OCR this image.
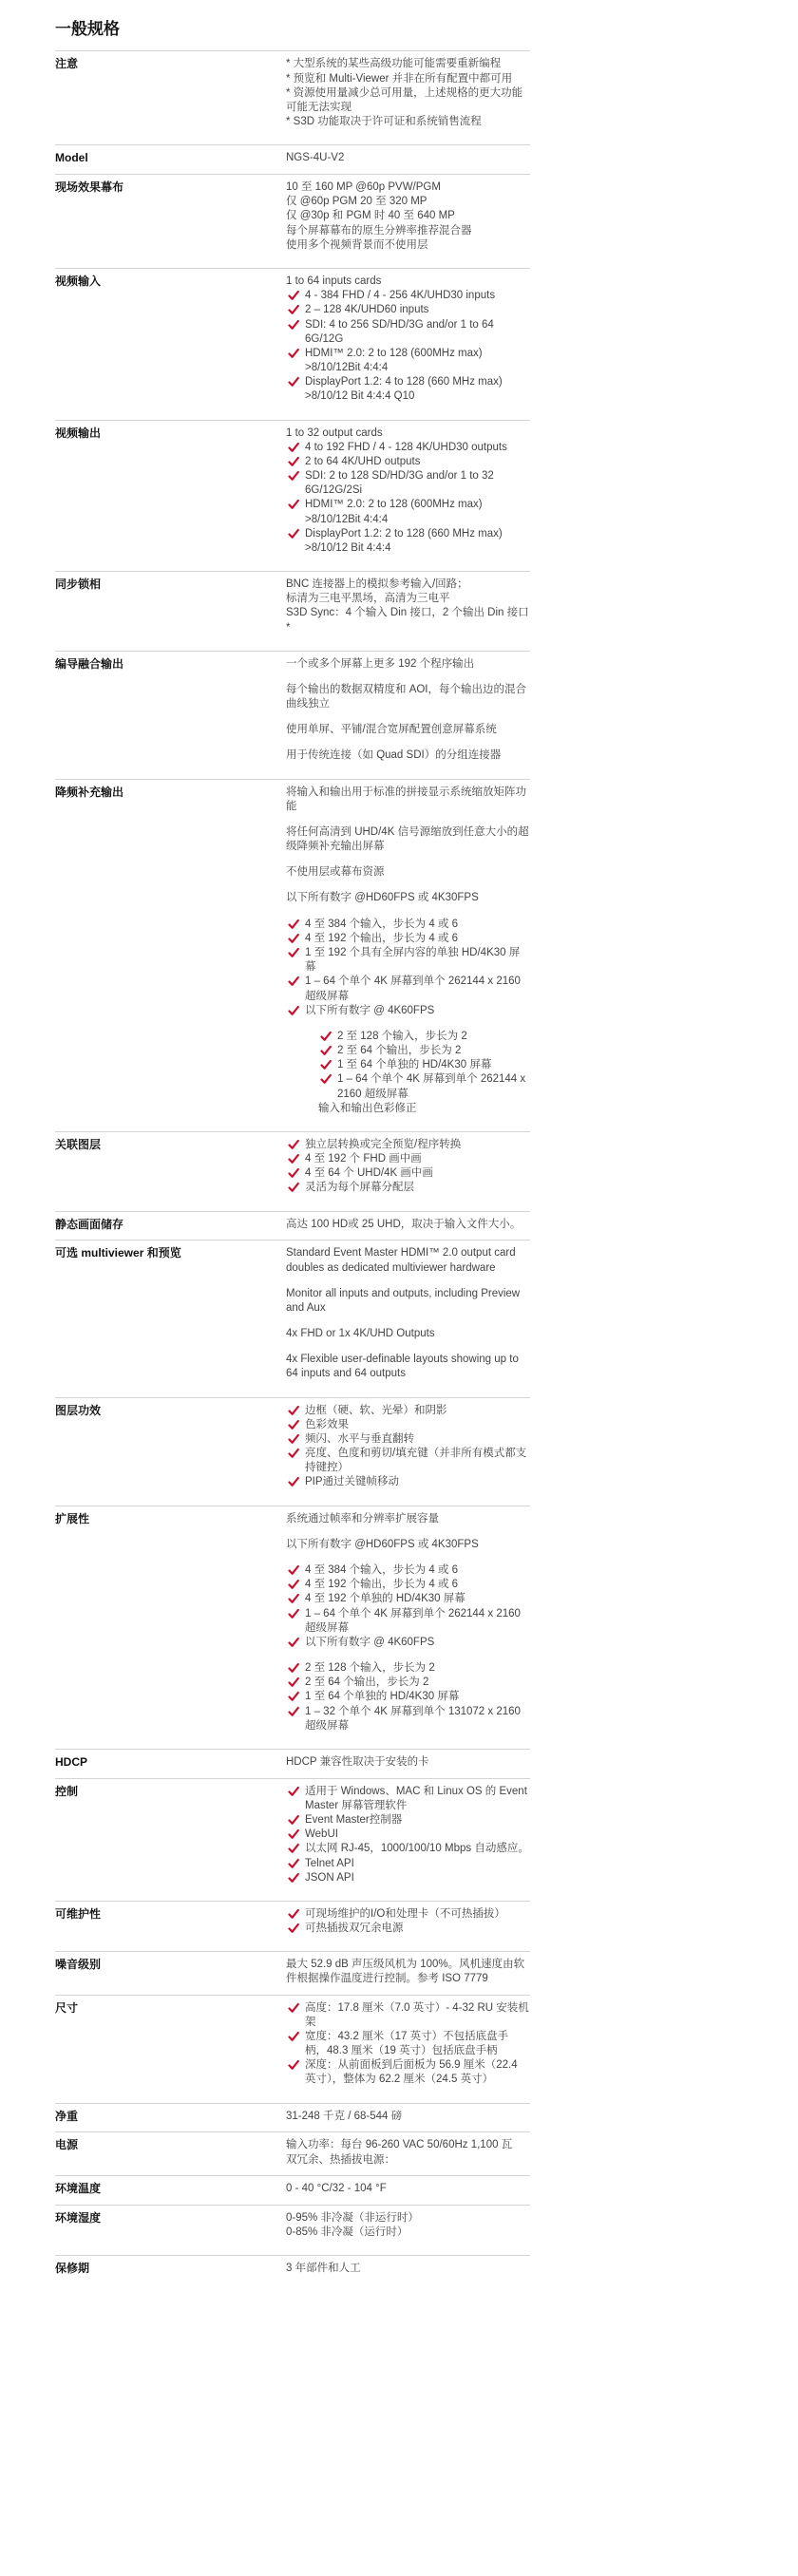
一般规格
注意	* 大型系统的某些高级功能可能需要重新编程
* 预览和 Multi-Viewer 并非在所有配置中都可用
* 资源使用量减少总可用量，上述规格的更大功能可能无法实现
* S3D 功能取决于许可证和系统销售流程
Model	NGS-4U-V2
现场效果幕布	10 至 160 MP @60p PVW/PGM
仅 @60p PGM 20 至 320 MP
仅 @30p 和 PGM 时 40 至 640 MP
每个屏幕幕布的原生分辨率推荐混合器
使用多个视频背景而不使用层
视频输入	1 to 64 inputs cards
4 - 384 FHD / 4 - 256 4K/UHD30 inputs
2 – 128 4K/UHD60 inputs
SDI: 4 to 256 SD/HD/3G and/or 1 to 64 6G/12G
HDMI™ 2.0: 2 to 128 (600MHz max) >8/10/12Bit 4:4:4
DisplayPort 1.2: 4 to 128 (660 MHz max) >8/10/12 Bit 4:4:4 Q10
视频输出	1 to 32 output cards
4 to 192 FHD / 4 - 128 4K/UHD30 outputs
2 to 64 4K/UHD outputs
SDI: 2 to 128 SD/HD/3G and/or 1 to 32 6G/12G/2Si
HDMI™ 2.0: 2 to 128 (600MHz max) >8/10/12Bit 4:4:4
DisplayPort 1.2: 2 to 128 (660 MHz max) >8/10/12 Bit 4:4:4
同步锁相	BNC 连接器上的模拟参考输入/回路；
标清为三电平黑场，高清为三电平
S3D Sync：4 个输入 Din 接口，2 个输出 Din 接口 *
编导融合输出	一个或多个屏幕上更多 192 个程序输出
每个输出的数据双精度和 AOI，每个输出边的混合曲线独立
使用单屏、平铺/混合宽屏配置创意屏幕系统
用于传统连接（如 Quad SDI）的分组连接器
降频补充输出	将输入和输出用于标准的拼接显示系统缩放矩阵功能
将任何高清到 UHD/4K 信号源缩放到任意大小的超级降频补充输出屏幕
不使用层或幕布资源
以下所有数字 @HD60FPS 或 4K30FPS
4 至 384 个输入，步长为 4 或 6
4 至 192 个输出，步长为 4 或 6
1 至 192 个具有全屏内容的单独 HD/4K30 屏幕
1 – 64 个单个 4K 屏幕到单个 262144 x 2160 超级屏幕
以下所有数字 @ 4K60FPS
2 至 128 个输入，步长为 2
2 至 64 个输出，步长为 2
1 至 64 个单独的 HD/4K30 屏幕
1 – 64 个单个 4K 屏幕到单个 262144 x 2160 超级屏幕
输入和输出色彩修正
关联图层	独立层转换或完全预览/程序转换
4 至 192 个 FHD 画中画
4 至 64 个 UHD/4K 画中画
灵活为每个屏幕分配层
静态画面储存	高达 100 HD或 25 UHD，取决于输入文件大小。
可选 multiviewer 和预览	Standard Event Master HDMI™ 2.0 output card doubles as dedicated multiviewer hardware
Monitor all inputs and outputs, including Preview and Aux
4x FHD or 1x 4K/UHD Outputs
4x Flexible user-definable layouts showing up to 64 inputs and 64 outputs
图层功效	边框（硬、软、光晕）和阴影
色彩效果
频闪、水平与垂直翻转
亮度、色度和剪切/填充键（并非所有模式都支持键控）
PIP通过关键帧移动
扩展性	系统通过帧率和分辨率扩展容量
以下所有数字 @HD60FPS 或 4K30FPS
4 至 384 个输入，步长为 4 或 6
4 至 192 个输出，步长为 4 或 6
4 至 192 个单独的 HD/4K30 屏幕
1 – 64 个单个 4K 屏幕到单个 262144 x 2160 超级屏幕
以下所有数字 @ 4K60FPS
2 至 128 个输入，步长为 2
2 至 64 个输出，步长为 2
1 至 64 个单独的 HD/4K30 屏幕
1 – 32 个单个 4K 屏幕到单个 131072 x 2160 超级屏幕
HDCP	HDCP 兼容性取决于安装的卡
控制	适用于 Windows、MAC 和 Linux OS 的 Event Master 屏幕管理软件
Event Master控制器
WebUI
以太网 RJ-45，1000/100/10 Mbps 自动感应。
Telnet API
JSON API
可维护性	可现场维护的I/O和处理卡（不可热插拔）
可热插拔双冗余电源
噪音级别	最大 52.9 dB 声压级风机为 100%。风机速度由软件根据操作温度进行控制。参考 ISO 7779
尺寸	高度：17.8 厘米（7.0 英寸）- 4-32 RU 安装机架
宽度：43.2 厘米（17 英寸）不包括底盘手柄，48.3 厘米（19 英寸）包括底盘手柄
深度：从前面板到后面板为 56.9 厘米（22.4 英寸），整体为 62.2 厘米（24.5 英寸）
净重	31-248 千克 / 68-544 磅
电源	输入功率：每台 96-260 VAC 50/60Hz 1,100 瓦
双冗余、热插拔电源：
环境温度	0 - 40 °C/32 - 104 °F
环境湿度	0-95% 非冷凝（非运行时）
0-85% 非冷凝（运行时）
保修期	3 年部件和人工
